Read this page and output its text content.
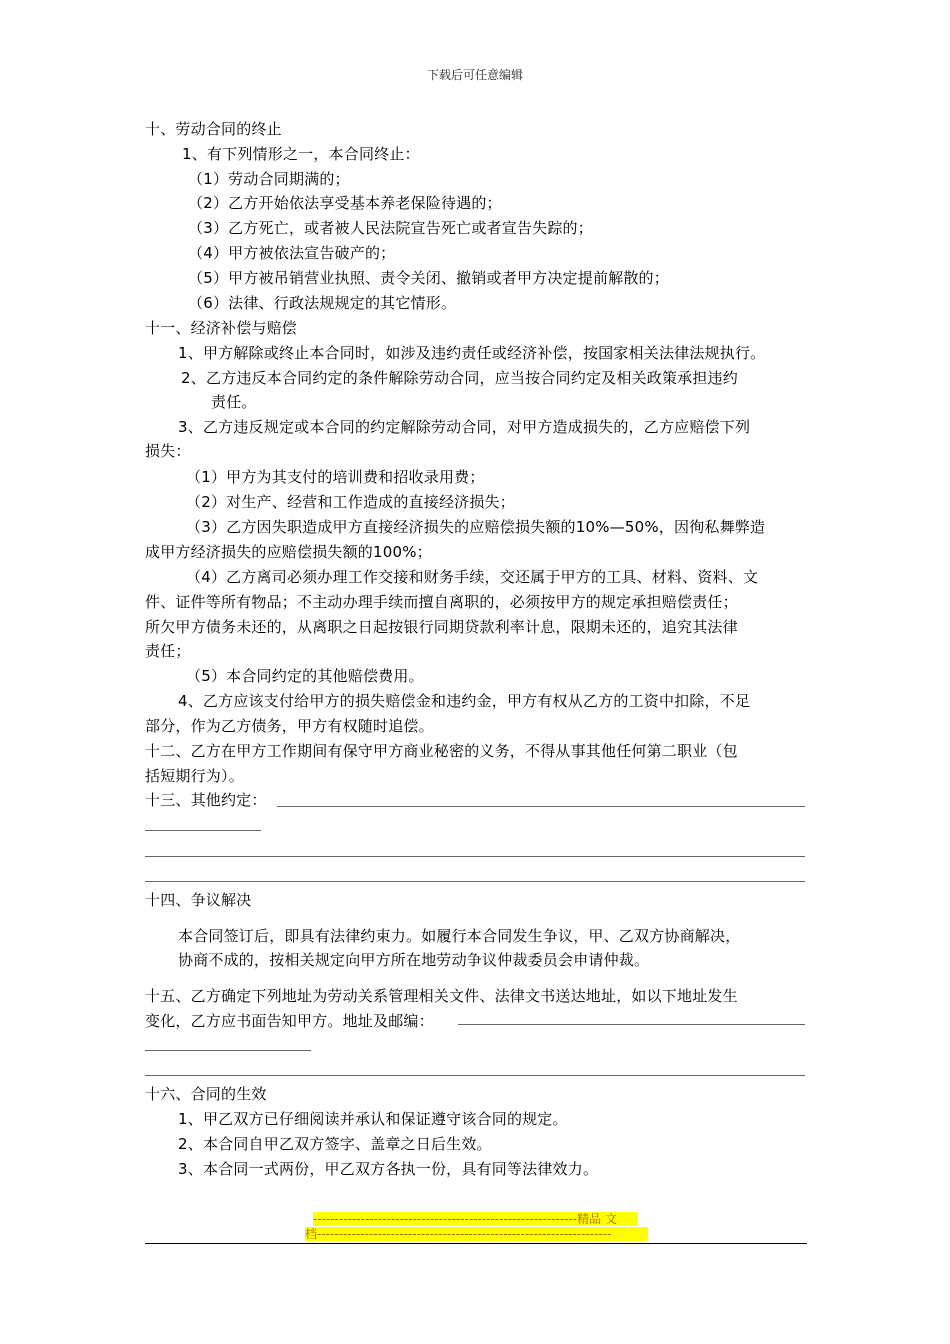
下载后可任意编辑
十、劳动合同的终止
1、有下列情形之一，本合同终止：
（1）劳动合同期满的；
（2）乙方开始依法享受基本养老保险待遇的；
（3）乙方死亡，或者被人民法院宣告死亡或者宣告失踪的；
（4）甲方被依法宣告破产的；
（5）甲方被吊销营业执照、责令关闭、撤销或者甲方决定提前解散的；
（6）法律、行政法规规定的其它情形。
十一、经济补偿与赔偿
1、甲方解除或终止本合同时，如涉及违约责任或经济补偿，按国家相关法律法规执行。
2、乙方违反本合同约定的条件解除劳动合同，应当按合同约定及相关政策承担违约
责任。
3、乙方违反规定或本合同的约定解除劳动合同，对甲方造成损失的，乙方应赔偿下列
损失：
（1）甲方为其支付的培训费和招收录用费；
（2）对生产、经营和工作造成的直接经济损失；
（3）乙方因失职造成甲方直接经济损失的应赔偿损失额的10%—50%，因徇私舞弊造
成甲方经济损失的应赔偿损失额的100%；
（4）乙方离司必须办理工作交接和财务手续，交还属于甲方的工具、材料、资料、文
件、证件等所有物品；不主动办理手续而擅自离职的，必须按甲方的规定承担赔偿责任；
所欠甲方债务未还的，从离职之日起按银行同期贷款利率计息，限期未还的，追究其法律
责任；
（5）本合同约定的其他赔偿费用。
4、乙方应该支付给甲方的损失赔偿金和违约金，甲方有权从乙方的工资中扣除，不足
部分，作为乙方债务，甲方有权随时追偿。
十二、乙方在甲方工作期间有保守甲方商业秘密的义务，不得从事其他任何第二职业（包
括短期行为）。
十三、其他约定：
十四、争议解决
本合同签订后，即具有法律约束力。如履行本合同发生争议，甲、乙双方协商解决，
协商不成的，按相关规定向甲方所在地劳动争议仲裁委员会申请仲裁。
十五、乙方确定下列地址为劳动关系管理相关文件、法律文书送达地址，如以下地址发生
变化，乙方应书面告知甲方。地址及邮编：
十六、合同的生效
1、甲乙双方已仔细阅读并承认和保证遵守该合同的规定。
2、本合同自甲乙双方签字、盖章之日后生效。
3、本合同一式两份，甲乙双方各执一份，具有同等法律效力。
-------------------------------------------------------------精品 文
档--------------------------------------------------------------------
